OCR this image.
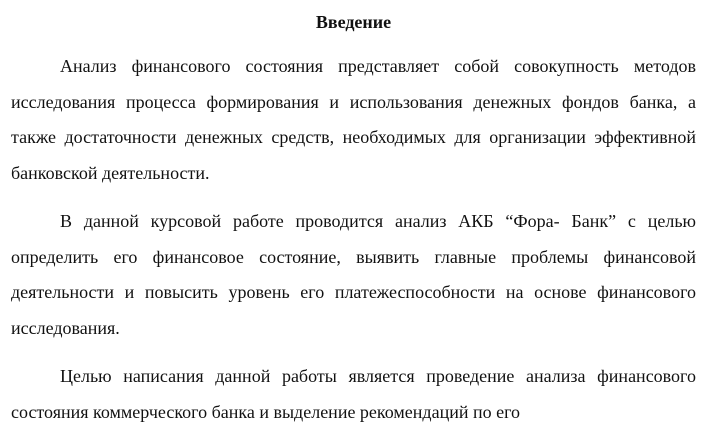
Введение

Анализ финансового состояния представляет собой совокупность методов исследования процесса формирования и использования денежных фондов банка, а также достаточности денежных средств, необходимых для организации эффективной банковской деятельности.

В данной курсовой работе проводится анализ АКБ “Фора- Банк” с целью определить его финансовое состояние, выявить главные проблемы финансовой деятельности и повысить уровень его платежеспособности на основе финансового исследования.

Целью написания данной работы является проведение анализа финансового состояния коммерческого банка и выделение рекомендаций по его
